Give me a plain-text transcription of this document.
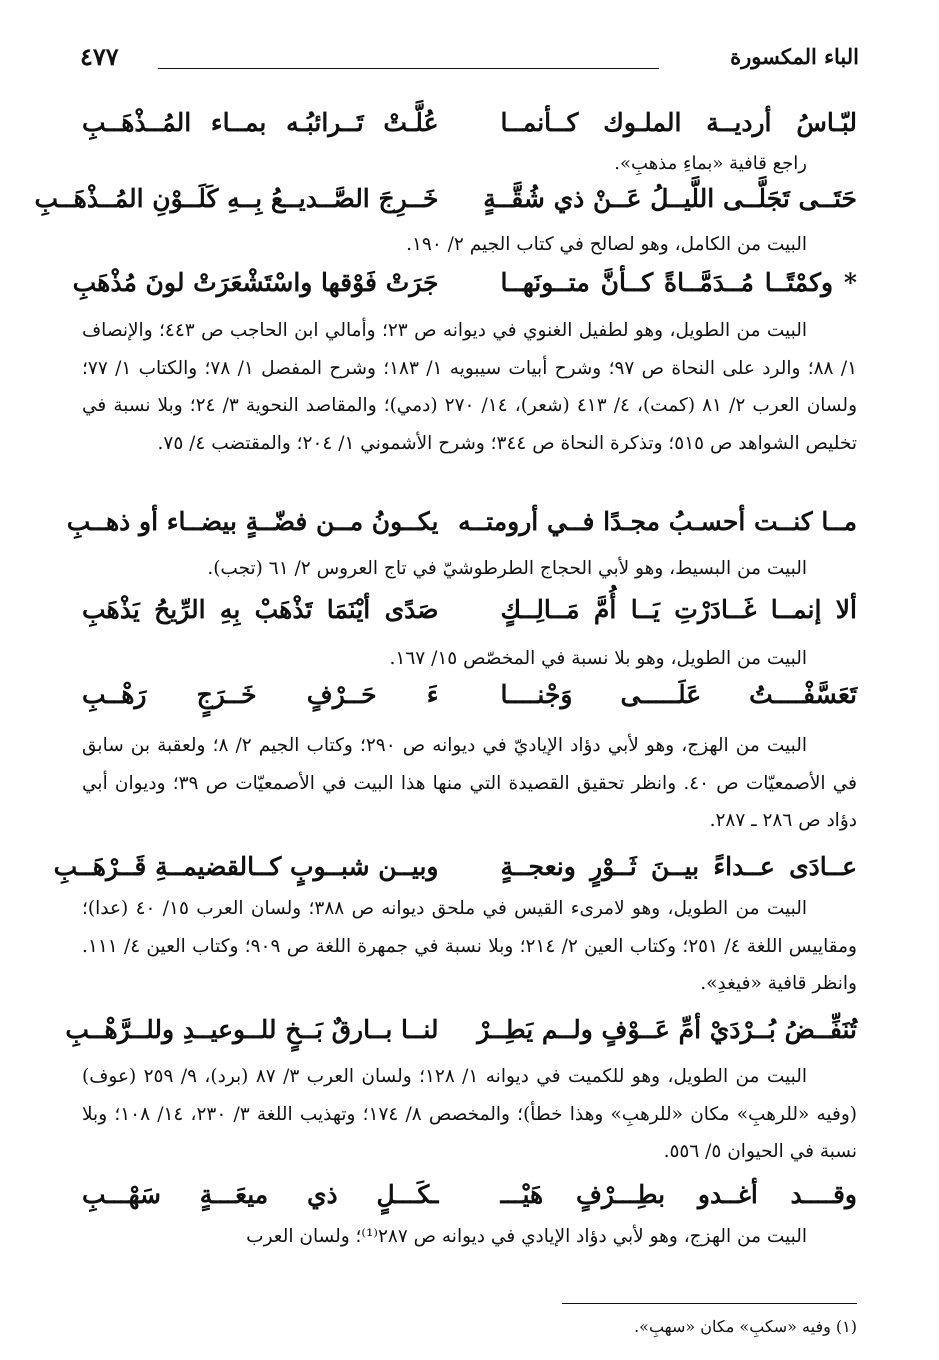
الباء المكسورة
٤٧٧
لبّـاسُ أرديــة الملـوك كــأنمــا
عُلَّـتْ تَــرائبُـه بمــاء المُــذْهَــبِ
راجع قافية «بماءِ مذهبِ».
حَتَــى تَجَلَّــى اللَّيــلُ عَــنْ ذي شُقَّــةٍ
خَــرِجَ الصَّــديــعُ بِــهِ كَلَــوْنِ المُــذْهَــبِ
البيت من الكامل، وهو لصالح في كتاب الجيم ٢/ ١٩٠.
* وكمْتًــا مُــدَمَّــاةً كــأنَّ متــونَهــا
جَرَتْ فَوْقها واسْتَشْعَرَتْ لونَ مُذْهَبِ
البيت من الطويل، وهو لطفيل الغنوي في ديوانه ص ٢٣؛ وأمالي ابن الحاجب ص ٤٤٣؛ والإنصاف ١/ ٨٨؛ والرد على النحاة ص ٩٧؛ وشرح أبيات سيبويه ١/ ١٨٣؛ وشرح المفصل ١/ ٧٨؛ والكتاب ١/ ٧٧؛ ولسان العرب ٢/ ٨١ (كمت)، ٤/ ٤١٣ (شعر)، ١٤/ ٢٧٠ (دمي)؛ والمقاصد النحوية ٣/ ٢٤؛ وبلا نسبة في تخليص الشواهد ص ٥١٥؛ وتذكرة النحاة ص ٣٤٤؛ وشرح الأشموني ١/ ٢٠٤؛ والمقتضب ٤/ ٧٥.
مــا كنــت أحسـبُ مجـدًا فــي أرومتــه
يكــونُ مــن فضّــةٍ بيضــاء أو ذهــبِ
البيت من البسيط، وهو لأبي الحجاج الطرطوشيّ في تاج العروس ٢/ ٦١ (تجب).
ألا إنمــا غَــادَرْتِ يَــا أُمَّ مَــالِــكٍ
صَدًى أيْنَمَا تَذْهَبْ بِهِ الرِّيحُ يَذْهَبِ
البيت من الطويل، وهو بلا نسبة في المخصّص ١٥/ ١٦٧.
تَعَسَّفْــــتُ عَلَـــــى وَجْنــــا
ءَ حَــرْفٍ خَــرَجٍ رَهْــبِ
البيت من الهزج، وهو لأبي دؤاد الإياديّ في ديوانه ص ٢٩٠؛ وكتاب الجيم ٢/ ٨؛ ولعقبة بن سابق في الأصمعيّات ص ٤٠. وانظر تحقيق القصيدة التي منها هذا البيت في الأصمعيّات ص ٣٩؛ وديوان أبي دؤاد ص ٢٨٦ ـ ٢٨٧.
عــادَى عــداءً بيــنَ ثَــوْرٍ ونعجــةٍ
وبيــن شبــوبٍ كــالقضيمــةِ قَــرْهَــبِ
البيت من الطويل، وهو لامرىء القيس في ملحق ديوانه ص ٣٨٨؛ ولسان العرب ١٥/ ٤٠ (عدا)؛ ومقاييس اللغة ٤/ ٢٥١؛ وكتاب العين ٢/ ٢١٤؛ وبلا نسبة في جمهرة اللغة ص ٩٠٩؛ وكتاب العين ٤/ ١١١. وانظر قافية «فيغدِ».
تُنَفِّــضُ بُــرْدَيْ أمِّ عَــوْفٍ ولــم يَطِــرْ
لنــا بــارقٌ بَــخٍ للــوعيــدِ وللــرَّهْــبِ
البيت من الطويل، وهو للكميت في ديوانه ١/ ١٢٨؛ ولسان العرب ٣/ ٨٧ (برد)، ٩/ ٢٥٩ (عوف) (وفيه «للرهبِ» مكان «للرهبِ» وهذا خطأ)؛ والمخصص ٨/ ١٧٤؛ وتهذيب اللغة ٣/ ٢٣٠، ١٤/ ١٠٨؛ وبلا نسبة في الحيوان ٥/ ٥٥٦.
وقــــد أغــدو بطِـــرْفٍ هَيْـــ
ـكَـــلٍ ذي ميعَـــةٍ سَهْـــبِ
البيت من الهزج، وهو لأبي دؤاد الإيادي في ديوانه ص ٢٨٧⁽¹⁾؛ ولسان العرب
(١) وفيه «سكبِ» مكان «سهبِ».
